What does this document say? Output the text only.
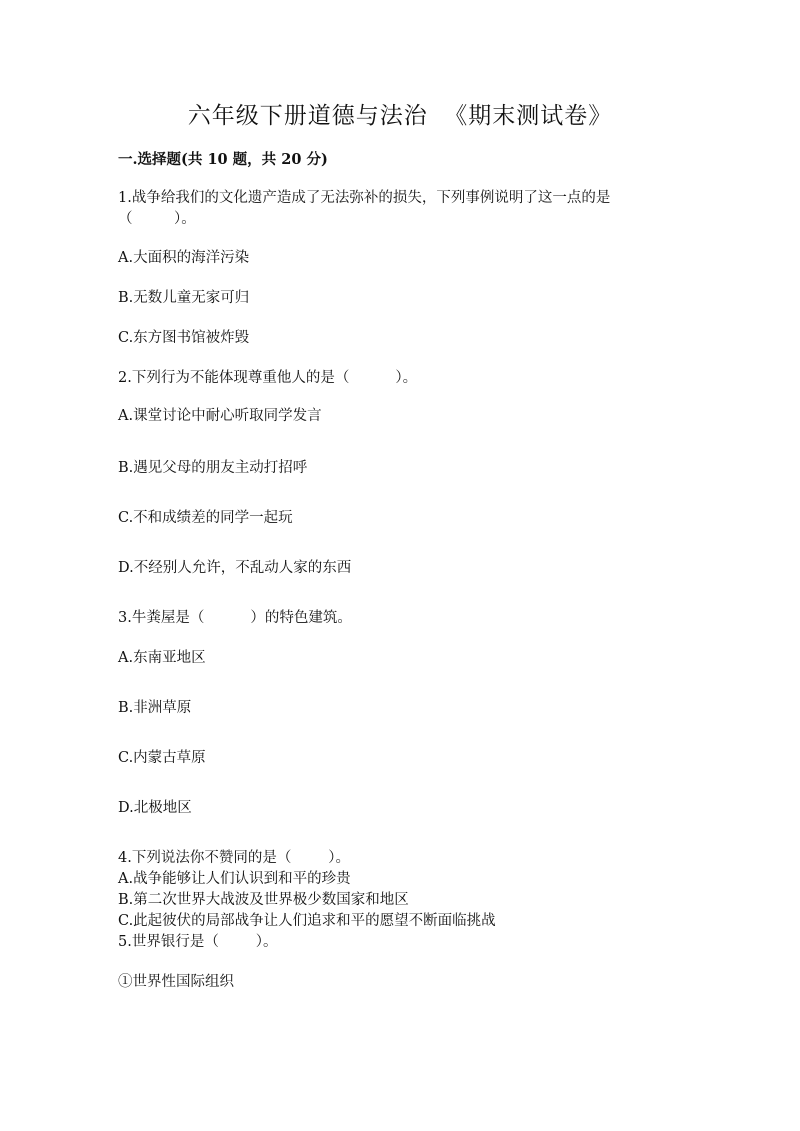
六年级下册道德与法治  《期末测试卷》
一.选择题(共 10 题，共 20 分)
1.战争给我们的文化遗产造成了无法弥补的损失，下列事例说明了这一点的是
（         ）。
A.大面积的海洋污染
B.无数儿童无家可归
C.东方图书馆被炸毁
2.下列行为不能体现尊重他人的是（          ）。
A.课堂讨论中耐心听取同学发言
B.遇见父母的朋友主动打招呼
C.不和成绩差的同学一起玩
D.不经别人允许，不乱动人家的东西
3.牛粪屋是（          ）的特色建筑。
A.东南亚地区
B.非洲草原
C.内蒙古草原
D.北极地区
4.下列说法你不赞同的是（        ）。
A.战争能够让人们认识到和平的珍贵
B.第二次世界大战波及世界极少数国家和地区
C.此起彼伏的局部战争让人们追求和平的愿望不断面临挑战
5.世界银行是（        ）。
①世界性国际组织
